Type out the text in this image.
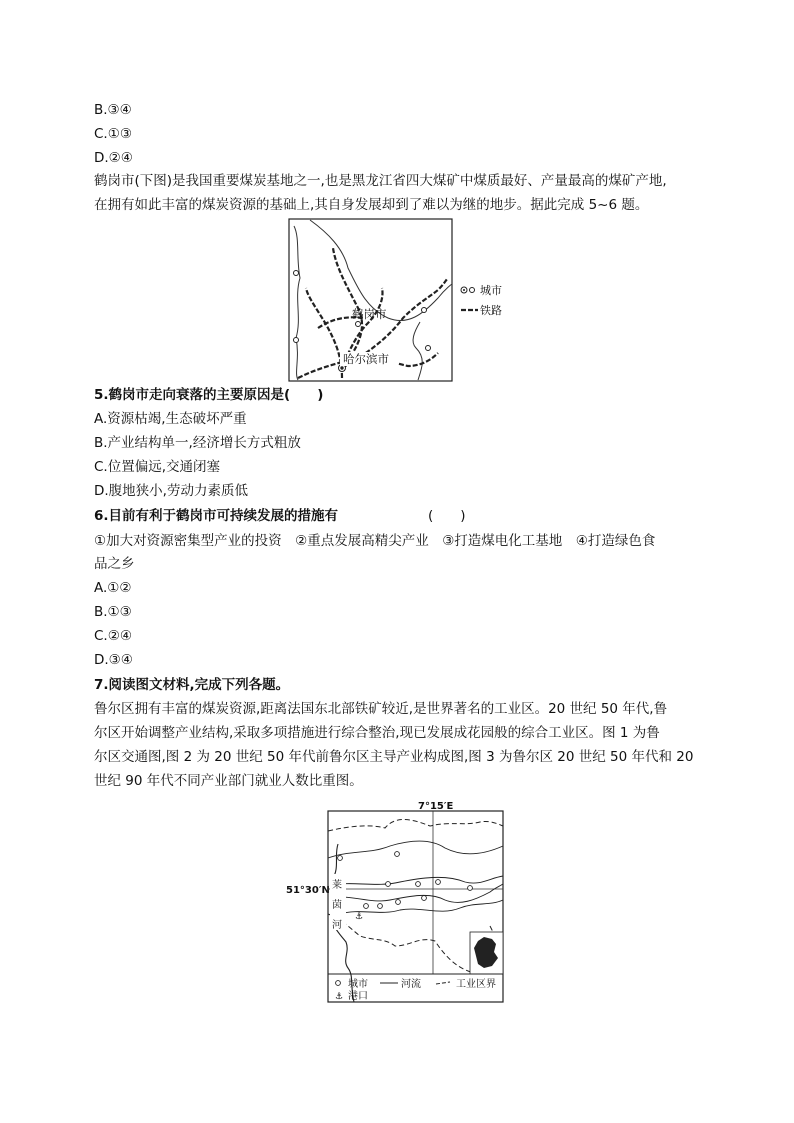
B.③④
C.①③
D.②④
鹤岗市(下图)是我国重要煤炭基地之一,也是黑龙江省四大煤矿中煤质最好、产量最高的煤矿产地,
在拥有如此丰富的煤炭资源的基础上,其自身发展却到了难以为继的地步。据此完成 5~6 题。
鹤岗市
哈尔滨市
城市
铁路
5.鹤岗市走向衰落的主要原因是(　　)
A.资源枯竭,生态破坏严重
B.产业结构单一,经济增长方式粗放
C.位置偏远,交通闭塞
D.腹地狭小,劳动力素质低
6.目前有利于鹤岗市可持续发展的措施有	(　　)
①加大对资源密集型产业的投资　②重点发展高精尖产业　③打造煤电化工基地　④打造绿色食
品之乡
A.①②
B.①③
C.②④
D.③④
7.阅读图文材料,完成下列各题。
鲁尔区拥有丰富的煤炭资源,距离法国东北部铁矿较近,是世界著名的工业区。20 世纪 50 年代,鲁
尔区开始调整产业结构,采取多项措施进行综合整治,现已发展成花园般的综合工业区。图 1 为鲁
尔区交通图,图 2 为 20 世纪 50 年代前鲁尔区主导产业构成图,图 3 为鲁尔区 20 世纪 50 年代和 20
世纪 90 年代不同产业部门就业人数比重图。
7°15′E
51°30′N 莱
茵
河
⚓
城市	河流	工业区界
⚓ 港口
